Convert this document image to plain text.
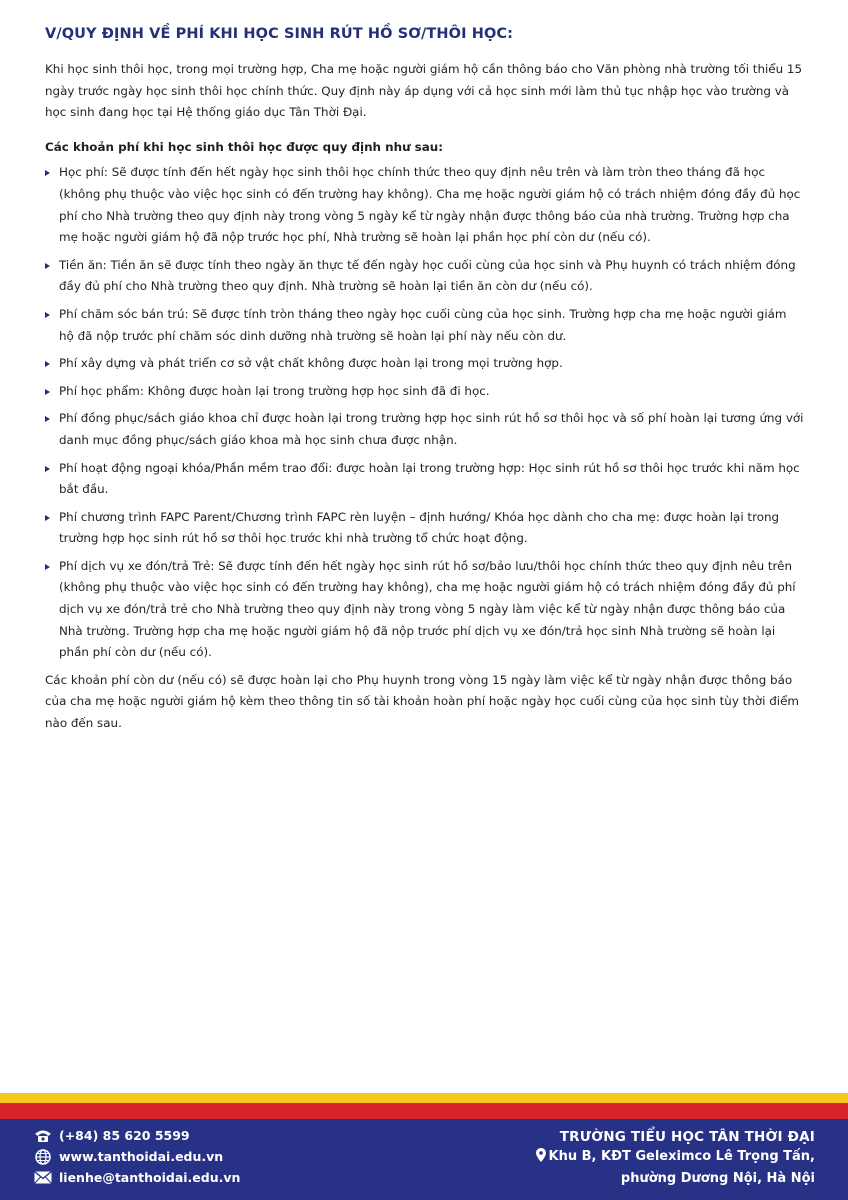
V/QUY ĐỊNH VỀ PHÍ KHI HỌC SINH RÚT HỒ SƠ/THÔI HỌC:

Khi học sinh thôi học, trong mọi trường hợp, Cha mẹ hoặc người giám hộ cần thông báo cho Văn phòng nhà trường tối thiểu 15 ngày trước ngày học sinh thôi học chính thức. Quy định này áp dụng với cả học sinh mới làm thủ tục nhập học vào trường và học sinh đang học tại Hệ thống giáo dục Tân Thời Đại.

Các khoản phí khi học sinh thôi học được quy định như sau:

Học phí: Sẽ được tính đến hết ngày học sinh thôi học chính thức theo quy định nêu trên và làm tròn theo tháng đã học (không phụ thuộc vào việc học sinh có đến trường hay không). Cha mẹ hoặc người giám hộ có trách nhiệm đóng đầy đủ học phí cho Nhà trường theo quy định này trong vòng 5 ngày kể từ ngày nhận được thông báo của nhà trường. Trường hợp cha mẹ hoặc người giám hộ đã nộp trước học phí, Nhà trường sẽ hoàn lại phần học phí còn dư (nếu có).
Tiền ăn: Tiền ăn sẽ được tính theo ngày ăn thực tế đến ngày học cuối cùng của học sinh và Phụ huynh có trách nhiệm đóng đầy đủ phí cho Nhà trường theo quy định. Nhà trường sẽ hoàn lại tiền ăn còn dư (nếu có).
Phí chăm sóc bán trú: Sẽ được tính tròn tháng theo ngày học cuối cùng của học sinh. Trường hợp cha mẹ hoặc người giám hộ đã nộp trước phí chăm sóc dinh dưỡng nhà trường sẽ hoàn lại phí này nếu còn dư.
Phí xây dựng và phát triển cơ sở vật chất không được hoàn lại trong mọi trường hợp.
Phí học phẩm: Không được hoàn lại trong trường hợp học sinh đã đi học.
Phí đồng phục/sách giáo khoa chỉ được hoàn lại trong trường hợp học sinh rút hồ sơ thôi học và số phí hoàn lại tương ứng với danh mục đồng phục/sách giáo khoa mà học sinh chưa được nhận.
Phí hoạt động ngoại khóa/Phần mềm trao đổi: được hoàn lại trong trường hợp: Học sinh rút hồ sơ thôi học trước khi năm học bắt đầu.
Phí chương trình FAPC Parent/Chương trình FAPC rèn luyện – định hướng/ Khóa học dành cho cha mẹ: được hoàn lại trong trường hợp học sinh rút hồ sơ thôi học trước khi nhà trường tổ chức hoạt động.
Phí dịch vụ xe đón/trả Trẻ: Sẽ được tính đến hết ngày học sinh rút hồ sơ/bảo lưu/thôi học chính thức theo quy định nêu trên (không phụ thuộc vào việc học sinh có đến trường hay không), cha mẹ hoặc người giám hộ có trách nhiệm đóng đầy đủ phí dịch vụ xe đón/trả trẻ cho Nhà trường theo quy định này trong vòng 5 ngày làm việc kể từ ngày nhận được thông báo của Nhà trường. Trường hợp cha mẹ hoặc người giám hộ đã nộp trước phí dịch vụ xe đón/trả học sinh Nhà trường sẽ hoàn lại phần phí còn dư (nếu có).

Các khoản phí còn dư (nếu có) sẽ được hoàn lại cho Phụ huynh trong vòng 15 ngày làm việc kể từ ngày nhận được thông báo của cha mẹ hoặc người giám hộ kèm theo thông tin số tài khoản hoàn phí hoặc ngày học cuối cùng của học sinh tùy thời điểm nào đến sau.

(+84) 85 620 5599
www.tanthoidai.edu.vn
lienhe@tanthoidai.edu.vn
TRƯỜNG TIỂU HỌC TÂN THỜI ĐẠI
Khu B, KĐT Geleximco Lê Trọng Tấn,
phường Dương Nội, Hà Nội
